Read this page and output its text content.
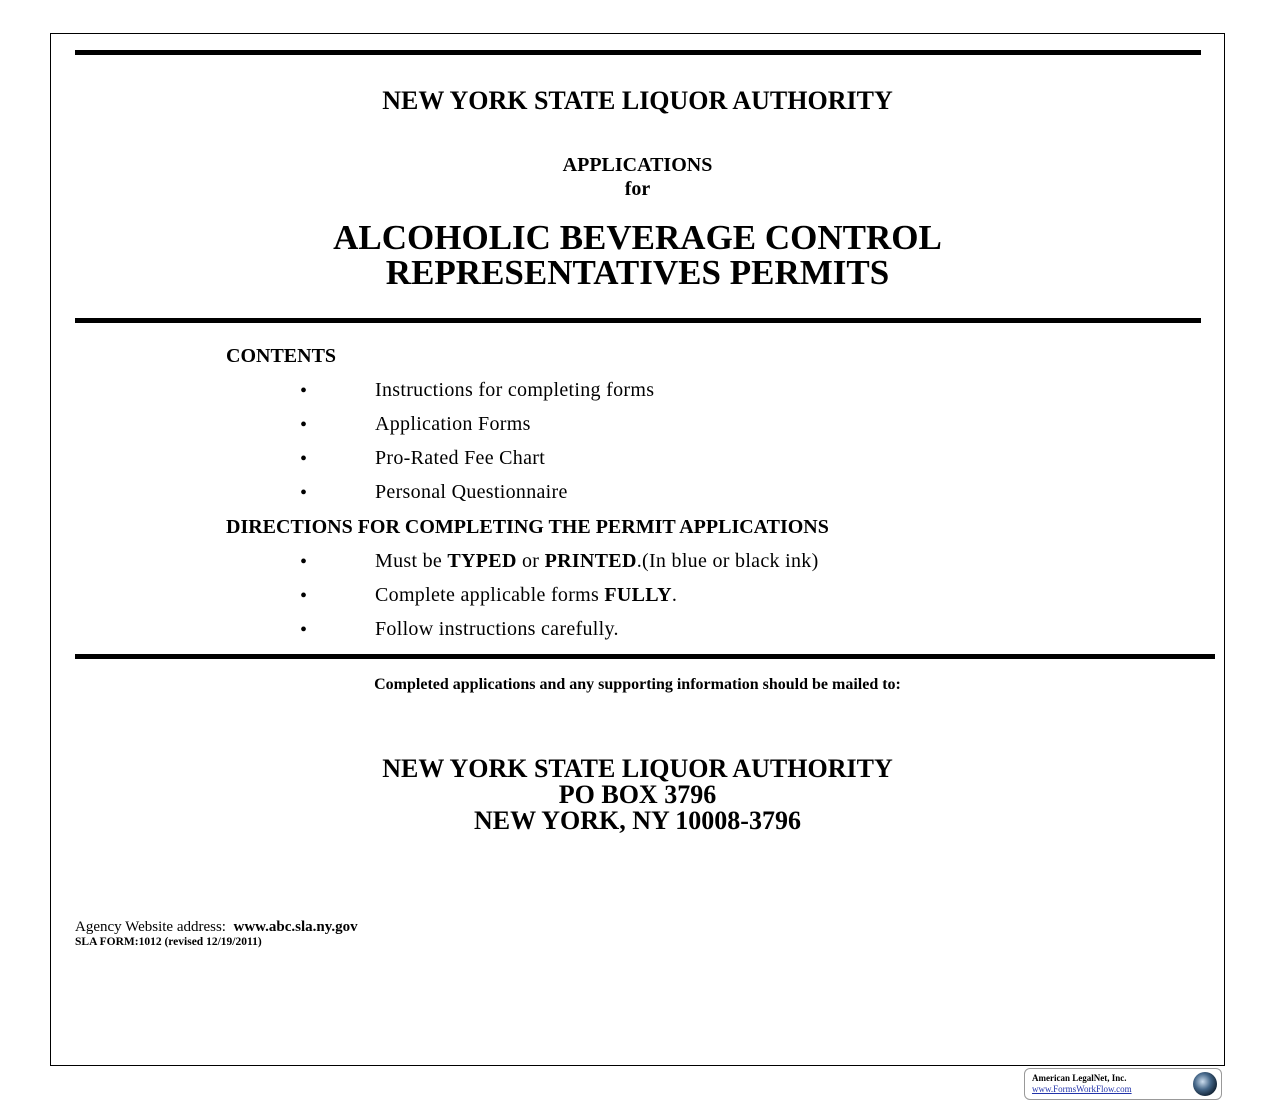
NEW YORK STATE LIQUOR AUTHORITY
APPLICATIONS
for
ALCOHOLIC BEVERAGE CONTROL
REPRESENTATIVES PERMITS
CONTENTS
•	Instructions for completing forms
•	Application Forms
•	Pro-Rated Fee Chart
•	Personal Questionnaire
DIRECTIONS FOR COMPLETING THE PERMIT APPLICATIONS
•	Must be TYPED or PRINTED.(In blue or black ink)
•	Complete applicable forms FULLY.
•	Follow instructions carefully.
Completed applications and any supporting information should be mailed to:
NEW YORK STATE LIQUOR AUTHORITY
PO BOX 3796
NEW YORK, NY 10008-3796
Agency Website address: www.abc.sla.ny.gov
SLA FORM:1012 (revised 12/19/2011)
American LegalNet, Inc.
www.FormsWorkFlow.com
